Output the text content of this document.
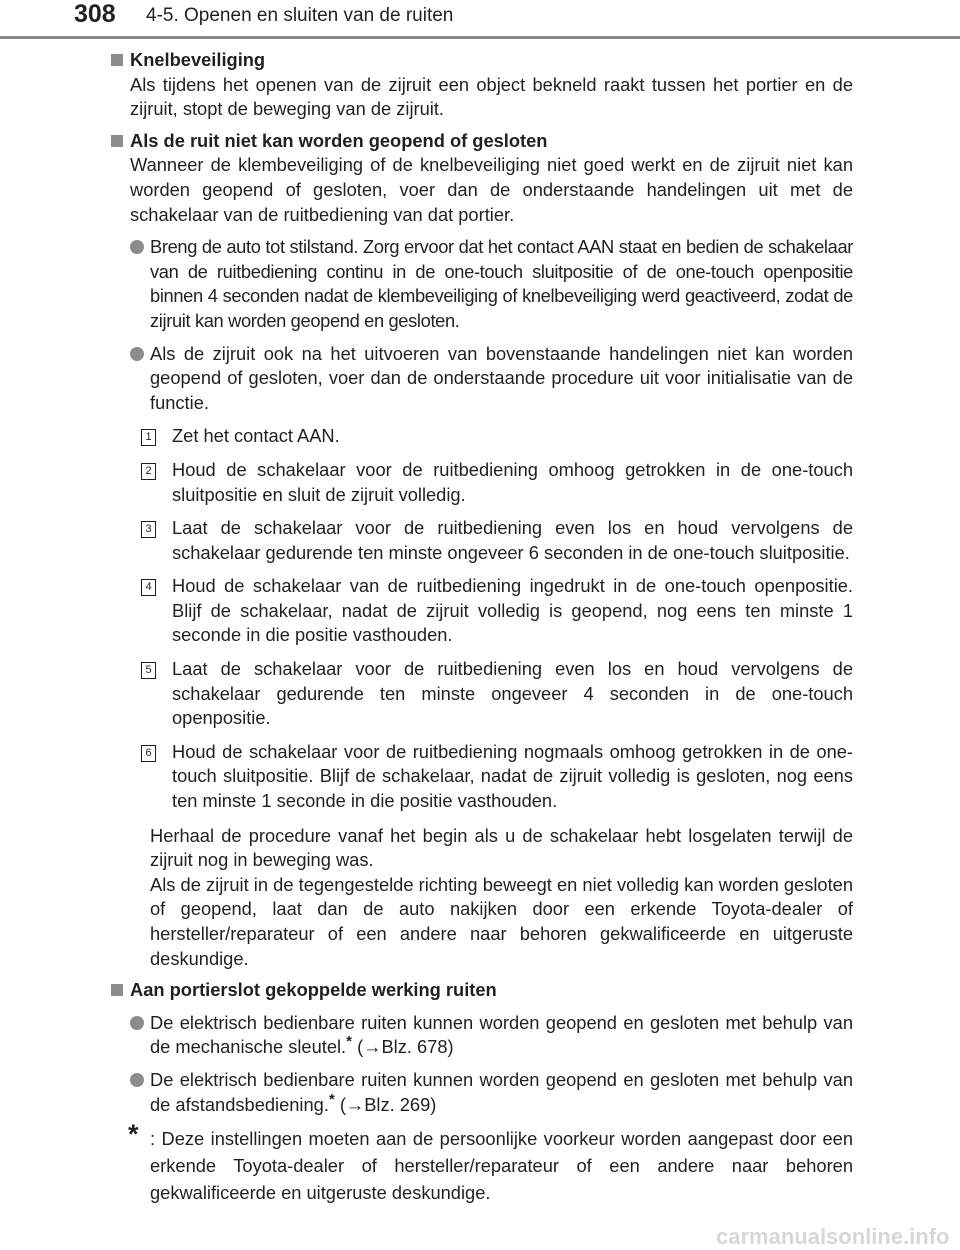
308 4-5. Openen en sluiten van de ruiten
Knelbeveiliging
Als tijdens het openen van de zijruit een object bekneld raakt tussen het portier en de zijruit, stopt de beweging van de zijruit.
Als de ruit niet kan worden geopend of gesloten
Wanneer de klembeveiliging of de knelbeveiliging niet goed werkt en de zijruit niet kan worden geopend of gesloten, voer dan de onderstaande handelingen uit met de schakelaar van de ruitbediening van dat portier.
Breng de auto tot stilstand. Zorg ervoor dat het contact AAN staat en bedien de schakelaar van de ruitbediening continu in de one-touch sluitpositie of de one-touch openpositie binnen 4 seconden nadat de klembeveiliging of knelbeveiliging werd geactiveerd, zodat de zijruit kan worden geopend en gesloten.
Als de zijruit ook na het uitvoeren van bovenstaande handelingen niet kan worden geopend of gesloten, voer dan de onderstaande procedure uit voor initialisatie van de functie.
1 Zet het contact AAN.
2 Houd de schakelaar voor de ruitbediening omhoog getrokken in de one-touch sluitpositie en sluit de zijruit volledig.
3 Laat de schakelaar voor de ruitbediening even los en houd vervolgens de schakelaar gedurende ten minste ongeveer 6 seconden in de one-touch sluitpositie.
4 Houd de schakelaar van de ruitbediening ingedrukt in de one-touch openpositie. Blijf de schakelaar, nadat de zijruit volledig is geopend, nog eens ten minste 1 seconde in die positie vasthouden.
5 Laat de schakelaar voor de ruitbediening even los en houd vervolgens de schakelaar gedurende ten minste ongeveer 4 seconden in de one-touch openpositie.
6 Houd de schakelaar voor de ruitbediening nogmaals omhoog getrokken in de one-touch sluitpositie. Blijf de schakelaar, nadat de zijruit volledig is gesloten, nog eens ten minste 1 seconde in die positie vasthouden.

Herhaal de procedure vanaf het begin als u de schakelaar hebt losgelaten terwijl de zijruit nog in beweging was.

Als de zijruit in de tegengestelde richting beweegt en niet volledig kan worden gesloten of geopend, laat dan de auto nakijken door een erkende Toyota-dealer of hersteller/reparateur of een andere naar behoren gekwalificeerde en uitgeruste deskundige.

Aan portierslot gekoppelde werking ruiten
De elektrisch bedienbare ruiten kunnen worden geopend en gesloten met behulp van de mechanische sleutel.* (→Blz. 678)
De elektrisch bedienbare ruiten kunnen worden geopend en gesloten met behulp van de afstandsbediening.* (→Blz. 269)
* : Deze instellingen moeten aan de persoonlijke voorkeur worden aangepast door een erkende Toyota-dealer of hersteller/reparateur of een andere naar behoren gekwalificeerde en uitgeruste deskundige.
carmanualsonline.info
